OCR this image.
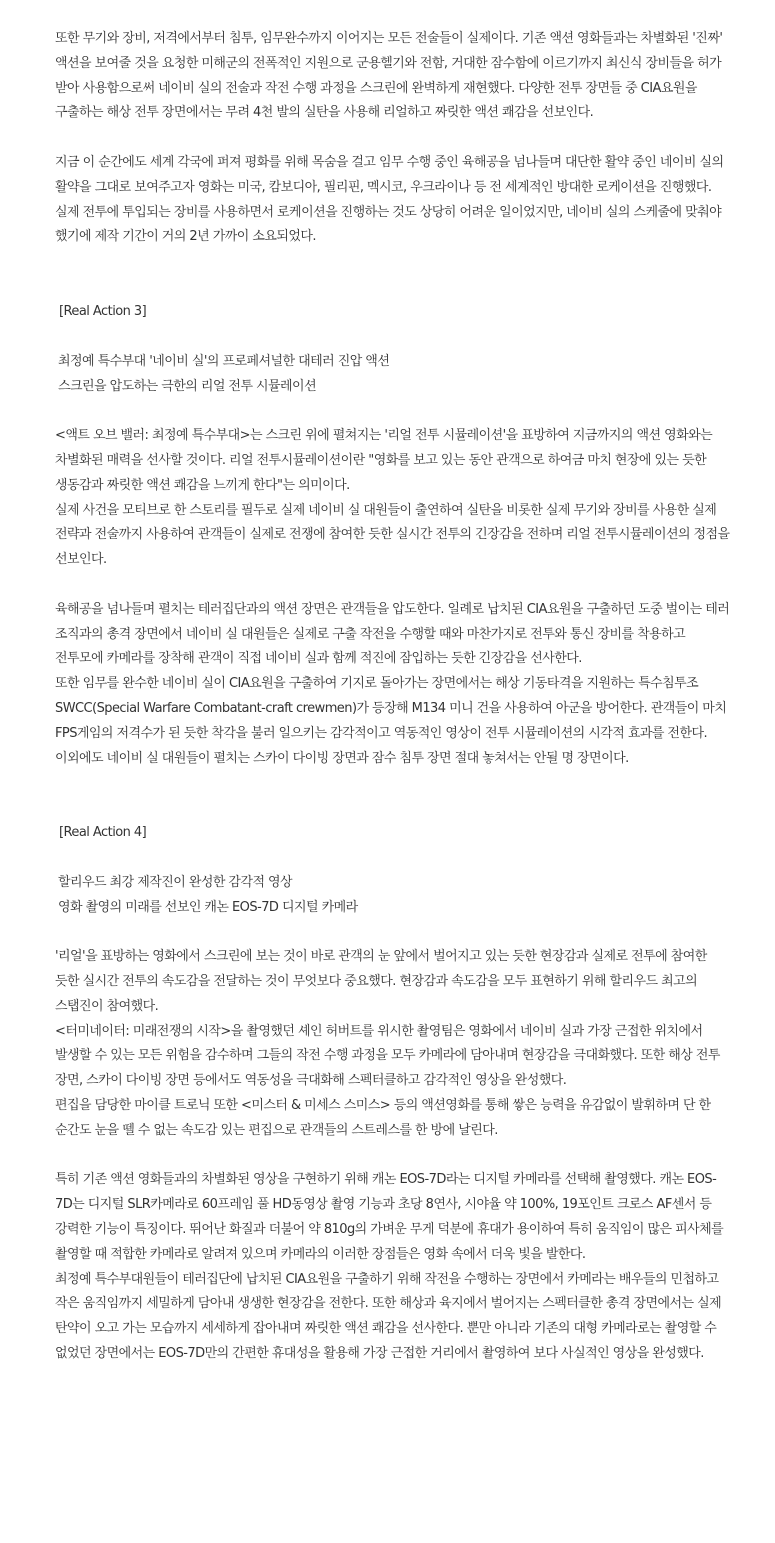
또한 무기와 장비, 저격에서부터 침투, 임무완수까지 이어지는 모든 전술들이 실제이다. 기존 액션 영화들과는 차별화된 '진짜' 액션을 보여줄 것을 요청한 미해군의 전폭적인 지원으로 군용헬기와 전함, 거대한 잠수함에 이르기까지 최신식 장비들을 허가 받아 사용함으로써 네이비 실의 전술과 작전 수행 과정을 스크린에 완벽하게 재현했다. 다양한 전투 장면들 중 CIA요원을 구출하는 해상 전투 장면에서는 무려 4천 발의 실탄을 사용해 리얼하고 짜릿한 액션 쾌감을 선보인다.

지금 이 순간에도 세계 각국에 퍼져 평화를 위해 목숨을 걸고 임무 수행 중인 육해공을 넘나들며 대단한 활약 중인 네이비 실의 활약을 그대로 보여주고자 영화는 미국, 캄보디아, 필리핀, 멕시코, 우크라이나 등 전 세계적인 방대한 로케이션을 진행했다. 실제 전투에 투입되는 장비를 사용하면서 로케이션을 진행하는 것도 상당히 어려운 일이었지만, 네이비 실의 스케줄에 맞춰야 했기에 제작 기간이 거의 2년 가까이 소요되었다.

[Real Action 3]

최정예 특수부대 '네이비 실'의 프로페셔널한 대테러 진압 액션

스크린을 압도하는 극한의 리얼 전투 시뮬레이션

<액트 오브 밸러: 최정예 특수부대>는 스크린 위에 펼쳐지는 '리얼 전투 시뮬레이션'을 표방하여 지금까지의 액션 영화와는 차별화된 매력을 선사할 것이다. 리얼 전투시뮬레이션이란 "영화를 보고 있는 동안 관객으로 하여금 마치 현장에 있는 듯한 생동감과 짜릿한 액션 쾌감을 느끼게 한다"는 의미이다.

실제 사건을 모티브로 한 스토리를 필두로 실제 네이비 실 대원들이 출연하여 실탄을 비롯한 실제 무기와 장비를 사용한 실제 전략과 전술까지 사용하여 관객들이 실제로 전쟁에 참여한 듯한 실시간 전투의 긴장감을 전하며 리얼 전투시뮬레이션의 정점을 선보인다.

육해공을 넘나들며 펼치는 테러집단과의 액션 장면은 관객들을 압도한다. 일례로 납치된 CIA요원을 구출하던 도중 벌이는 테러 조직과의 총격 장면에서 네이비 실 대원들은 실제로 구출 작전을 수행할 때와 마찬가지로 전투와 통신 장비를 착용하고 전투모에 카메라를 장착해 관객이 직접 네이비 실과 함께 적진에 잠입하는 듯한 긴장감을 선사한다.

또한 임무를 완수한 네이비 실이 CIA요원을 구출하여 기지로 돌아가는 장면에서는 해상 기동타격을 지원하는 특수침투조 SWCC(Special Warfare Combatant-craft crewmen)가 등장해 M134 미니 건을 사용하여 아군을 방어한다. 관객들이 마치 FPS게임의 저격수가 된 듯한 착각을 불러 일으키는 감각적이고 역동적인 영상이 전투 시뮬레이션의 시각적 효과를 전한다. 이외에도 네이비 실 대원들이 펼치는 스카이 다이빙 장면과 잠수 침투 장면 절대 놓쳐서는 안될 명 장면이다.

[Real Action 4]

할리우드 최강 제작진이 완성한 감각적 영상

영화 촬영의 미래를 선보인 캐논 EOS-7D 디지털 카메라

'리얼'을 표방하는 영화에서 스크린에 보는 것이 바로 관객의 눈 앞에서 벌어지고 있는 듯한 현장감과 실제로 전투에 참여한 듯한 실시간 전투의 속도감을 전달하는 것이 무엇보다 중요했다. 현장감과 속도감을 모두 표현하기 위해 할리우드 최고의 스탭진이 참여했다.

<터미네이터: 미래전쟁의 시작>을 촬영했던 셰인 허버트를 위시한 촬영팀은 영화에서 네이비 실과 가장 근접한 위치에서 발생할 수 있는 모든 위험을 감수하며 그들의 작전 수행 과정을 모두 카메라에 담아내며 현장감을 극대화했다. 또한 해상 전투 장면, 스카이 다이빙 장면 등에서도 역동성을 극대화해 스펙터클하고 감각적인 영상을 완성했다.

편집을 담당한 마이클 트로닉 또한 <미스터 & 미세스 스미스> 등의 액션영화를 통해 쌓은 능력을 유감없이 발휘하며 단 한 순간도 눈을 뗄 수 없는 속도감 있는 편집으로 관객들의 스트레스를 한 방에 날린다.

특히 기존 액션 영화들과의 차별화된 영상을 구현하기 위해 캐논 EOS-7D라는 디지털 카메라를 선택해 촬영했다. 캐논 EOS-7D는 디지털 SLR카메라로 60프레임 풀 HD동영상 촬영 기능과 초당 8연사, 시야율 약 100%, 19포인트 크로스 AF센서 등 강력한 기능이 특징이다. 뛰어난 화질과 더불어 약 810g의 가벼운 무게 덕분에 휴대가 용이하여 특히 움직임이 많은 피사체를 촬영할 때 적합한 카메라로 알려져 있으며 카메라의 이러한 장점들은 영화 속에서 더욱 빛을 발한다.

최정예 특수부대원들이 테러집단에 납치된 CIA요원을 구출하기 위해 작전을 수행하는 장면에서 카메라는 배우들의 민첩하고 작은 움직임까지 세밀하게 담아내 생생한 현장감을 전한다. 또한 해상과 육지에서 벌어지는 스펙터클한 총격 장면에서는 실제 탄약이 오고 가는 모습까지 세세하게 잡아내며 짜릿한 액션 쾌감을 선사한다. 뿐만 아니라 기존의 대형 카메라로는 촬영할 수 없었던 장면에서는 EOS-7D만의 간편한 휴대성을 활용해 가장 근접한 거리에서 촬영하여 보다 사실적인 영상을 완성했다.
